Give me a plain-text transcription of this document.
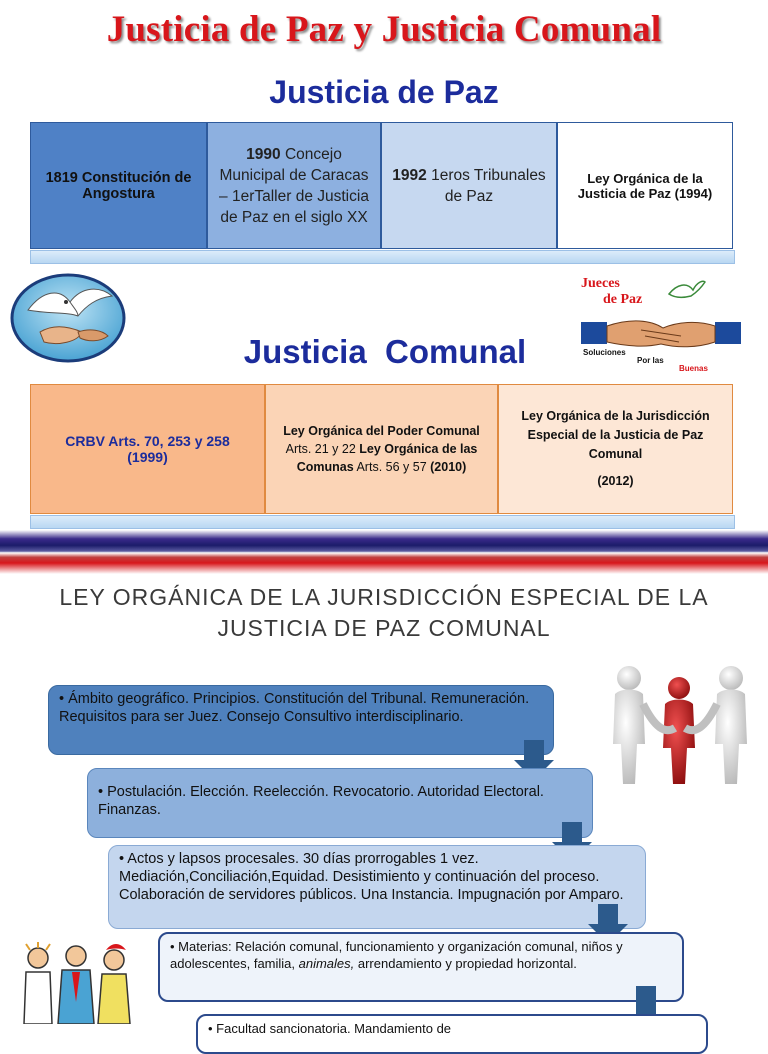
Justicia de Paz y Justicia Comunal
Justicia de Paz
1819 Constitución de Angostura
1990 Concejo Municipal de Caracas – 1erTaller de Justicia de Paz en el siglo XX
1992 1eros Tribunales de Paz
Ley Orgánica de la Justicia de Paz (1994)
Jueces
de Paz
Soluciones
Por las
Buenas
Justicia  Comunal
CRBV Arts. 70, 253 y 258 (1999)
Ley Orgánica del Poder Comunal Arts. 21 y 22 Ley Orgánica de las Comunas Arts. 56 y 57 (2010)
Ley Orgánica de la Jurisdicción Especial de la Justicia de Paz Comunal
(2012)
LEY ORGÁNICA DE LA JURISDICCIÓN ESPECIAL DE LA
JUSTICIA DE PAZ COMUNAL
• Ámbito geográfico. Principios. Constitución del Tribunal. Remuneración. Requisitos para ser Juez. Consejo Consultivo interdisciplinario.
• Postulación. Elección. Reelección. Revocatorio. Autoridad Electoral. Finanzas.
• Actos y lapsos procesales. 30 días prorrogables 1 vez. Mediación,Conciliación,Equidad. Desistimiento y continuación del proceso. Colaboración de servidores públicos. Una Instancia. Impugnación por Amparo.
• Materias: Relación comunal, funcionamiento y organización comunal, niños y adolescentes, familia, animales, arrendamiento y propiedad horizontal.
• Facultad sancionatoria. Mandamiento de
